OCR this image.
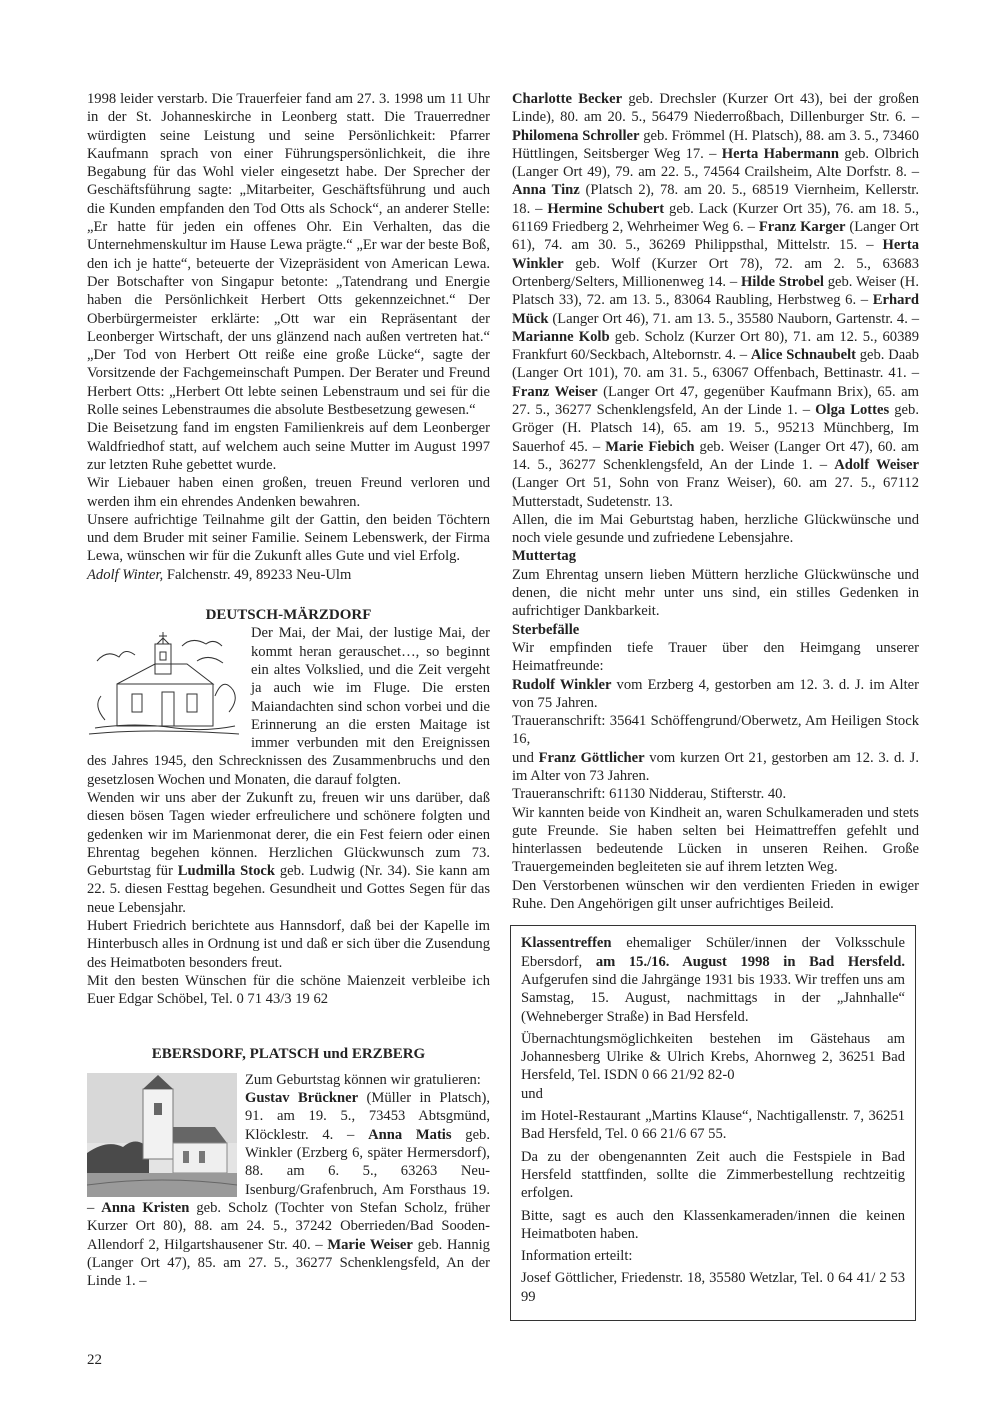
1998 leider verstarb. Die Trauerfeier fand am 27. 3. 1998 um 11 Uhr in der St. Johanneskirche in Leonberg statt. Die Trauerredner würdigten seine Leistung und seine Persönlichkeit: Pfarrer Kaufmann sprach von einer Führungspersönlichkeit, die ihre Begabung für das Wohl vieler eingesetzt habe. Der Sprecher der Geschäftsführung sagte: „Mitarbeiter, Geschäftsführung und auch die Kunden empfanden den Tod Otts als Schock“, an anderer Stelle: „Er hatte für jeden ein offenes Ohr. Ein Verhalten, das die Unternehmenskultur im Hause Lewa prägte.“ „Er war der beste Boß, den ich je hatte“, beteuerte der Vizepräsident von American Lewa. Der Botschafter von Singapur betonte: „Tatendrang und Energie haben die Persönlichkeit Herbert Otts gekennzeichnet.“ Der Oberbürgermeister erklärte: „Ott war ein Repräsentant der Leonberger Wirtschaft, der uns glänzend nach außen vertreten hat.“ „Der Tod von Herbert Ott reiße eine große Lücke“, sagte der Vorsitzende der Fachgemeinschaft Pumpen. Der Berater und Freund Herbert Otts: „Herbert Ott lebte seinen Lebenstraum und sei für die Rolle seines Lebenstraumes die absolute Bestbesetzung gewesen.“

Die Beisetzung fand im engsten Familienkreis auf dem Leonberger Waldfriedhof statt, auf welchem auch seine Mutter im August 1997 zur letzten Ruhe gebettet wurde.

Wir Liebauer haben einen großen, treuen Freund verloren und werden ihm ein ehrendes Andenken bewahren.

Unsere aufrichtige Teilnahme gilt der Gattin, den beiden Töchtern und dem Bruder mit seiner Familie. Seinem Lebenswerk, der Firma Lewa, wünschen wir für die Zukunft alles Gute und viel Erfolg.         Adolf Winter, Falchenstr. 49, 89233 Neu-Ulm

DEUTSCH-MÄRZDORF

Der Mai, der Mai, der lustige Mai, der kommt heran gerauschet…, so beginnt ein altes Volkslied, und die Zeit vergeht ja auch wie im Fluge. Die ersten Maiandachten sind schon vorbei und die Erinnerung an die ersten Maitage ist immer verbunden mit den Ereignissen des Jahres 1945, den Schrecknissen des Zusammenbruchs und den gesetzlosen Wochen und Monaten, die darauf folgten.

Wenden wir uns aber der Zukunft zu, freuen wir uns darüber, daß diesen bösen Tagen wieder erfreulichere und schönere folgten und gedenken wir im Marienmonat derer, die ein Fest feiern oder einen Ehrentag begehen können. Herzlichen Glückwunsch zum 73. Geburtstag für Ludmilla Stock geb. Ludwig (Nr. 34). Sie kann am 22. 5. diesen Festtag begehen. Gesundheit und Gottes Segen für das neue Lebensjahr.

Hubert Friedrich berichtete aus Hannsdorf, daß bei der Kapelle im Hinterbusch alles in Ordnung ist und daß er sich über die Zusendung des Heimatboten besonders freut.

Mit den besten Wünschen für die schöne Maienzeit verbleibe ich Euer Edgar Schöbel, Tel. 0 71 43/3 19 62

EBERSDORF, PLATSCH und ERZBERG

Zum Geburtstag können wir gratulieren:

Gustav Brückner (Müller in Platsch), 91. am 19. 5., 73453 Abtsgmünd, Klöcklestr. 4. – Anna Matis geb. Winkler (Erzberg 6, später Hermersdorf), 88. am 6. 5., 63263 Neu-Isenburg/Grafenbruch, Am Forsthaus 19. – Anna Kristen geb. Scholz (Tochter von Stefan Scholz, früher Kurzer Ort 80), 88. am 24. 5., 37242 Oberrieden/Bad Sooden-Allendorf 2, Hilgartshausener Str. 40. – Marie Weiser geb. Hannig (Langer Ort 47), 85. am 27. 5., 36277 Schenklengsfeld, An der Linde 1. –

Charlotte Becker geb. Drechsler (Kurzer Ort 43), bei der großen Linde), 80. am 20. 5., 56479 Niederroßbach, Dillenburger Str. 6. – Philomena Schroller geb. Frömmel (H. Platsch), 88. am 3. 5., 73460 Hüttlingen, Seitsberger Weg 17. – Herta Habermann geb. Olbrich (Langer Ort 49), 79. am 22. 5., 74564 Crailsheim, Alte Dorfstr. 8. – Anna Tinz (Platsch 2), 78. am 20. 5., 68519 Viernheim, Kellerstr. 18. – Hermine Schubert geb. Lack (Kurzer Ort 35), 76. am 18. 5., 61169 Friedberg 2, Wehrheimer Weg 6. – Franz Karger (Langer Ort 61), 74. am 30. 5., 36269 Philippsthal, Mittelstr. 15. – Herta Winkler geb. Wolf (Kurzer Ort 78), 72. am 2. 5., 63683 Ortenberg/Selters, Millionenweg 14. – Hilde Strobel geb. Weiser (H. Platsch 33), 72. am 13. 5., 83064 Raubling, Herbstweg 6. – Erhard Mück (Langer Ort 46), 71. am 13. 5., 35580 Nauborn, Gartenstr. 4. – Marianne Kolb geb. Scholz (Kurzer Ort 80), 71. am 12. 5., 60389 Frankfurt 60/Seckbach, Altebornstr. 4. – Alice Schnaubelt geb. Daab (Langer Ort 101), 70. am 31. 5., 63067 Offenbach, Bettinastr. 41. – Franz Weiser (Langer Ort 47, gegenüber Kaufmann Brix), 65. am 27. 5., 36277 Schenklengsfeld, An der Linde 1. – Olga Lottes geb. Gröger (H. Platsch 14), 65. am 19. 5., 95213 Münchberg, Im Sauerhof 45. – Marie Fiebich geb. Weiser (Langer Ort 47), 60. am 14. 5., 36277 Schenklengsfeld, An der Linde 1. – Adolf Weiser (Langer Ort 51, Sohn von Franz Weiser), 60. am 27. 5., 67112 Mutterstadt, Sudetenstr. 13.

Allen, die im Mai Geburtstag haben, herzliche Glückwünsche und noch viele gesunde und zufriedene Lebensjahre.

Muttertag

Zum Ehrentag unsern lieben Müttern herzliche Glückwünsche und denen, die nicht mehr unter uns sind, ein stilles Gedenken in aufrichtiger Dankbarkeit.

Sterbefälle

Wir empfinden tiefe Trauer über den Heimgang unserer Heimatfreunde:

Rudolf Winkler vom Erzberg 4, gestorben am 12. 3. d. J. im Alter von 75 Jahren.

Traueranschrift: 35641 Schöffengrund/Oberwetz, Am Heiligen Stock 16,

und Franz Göttlicher vom kurzen Ort 21, gestorben am 12. 3. d. J. im Alter von 73 Jahren.

Traueranschrift: 61130 Nidderau, Stifterstr. 40.

Wir kannten beide von Kindheit an, waren Schulkameraden und stets gute Freunde. Sie haben selten bei Heimattreffen gefehlt und hinterlassen bedeutende Lücken in unseren Reihen. Große Trauergemeinden begleiteten sie auf ihrem letzten Weg.

Den Verstorbenen wünschen wir den verdienten Frieden in ewiger Ruhe. Den Angehörigen gilt unser aufrichtiges Beileid.

Klassentreffen ehemaliger Schüler/innen der Volksschule Ebersdorf, am 15./16. August 1998 in Bad Hersfeld. Aufgerufen sind die Jahrgänge 1931 bis 1933. Wir treffen uns am Samstag, 15. August, nachmittags in der „Jahnhalle“ (Wehneberger Straße) in Bad Hersfeld.

Übernachtungsmöglichkeiten bestehen im Gästehaus am Johannesberg Ulrike & Ulrich Krebs, Ahornweg 2, 36251 Bad Hersfeld, Tel. ISDN 0 66 21/92 82-0

und

im Hotel-Restaurant „Martins Klause“, Nachtigallenstr. 7, 36251 Bad Hersfeld, Tel. 0 66 21/6 67 55.

Da zu der obengenannten Zeit auch die Festspiele in Bad Hersfeld stattfinden, sollte die Zimmerbestellung rechtzeitig erfolgen.

Bitte, sagt es auch den Klassenkameraden/innen die keinen Heimatboten haben.

Information erteilt:

Josef Göttlicher, Friedenstr. 18, 35580 Wetzlar, Tel. 0 64 41/ 2 53 99

22
